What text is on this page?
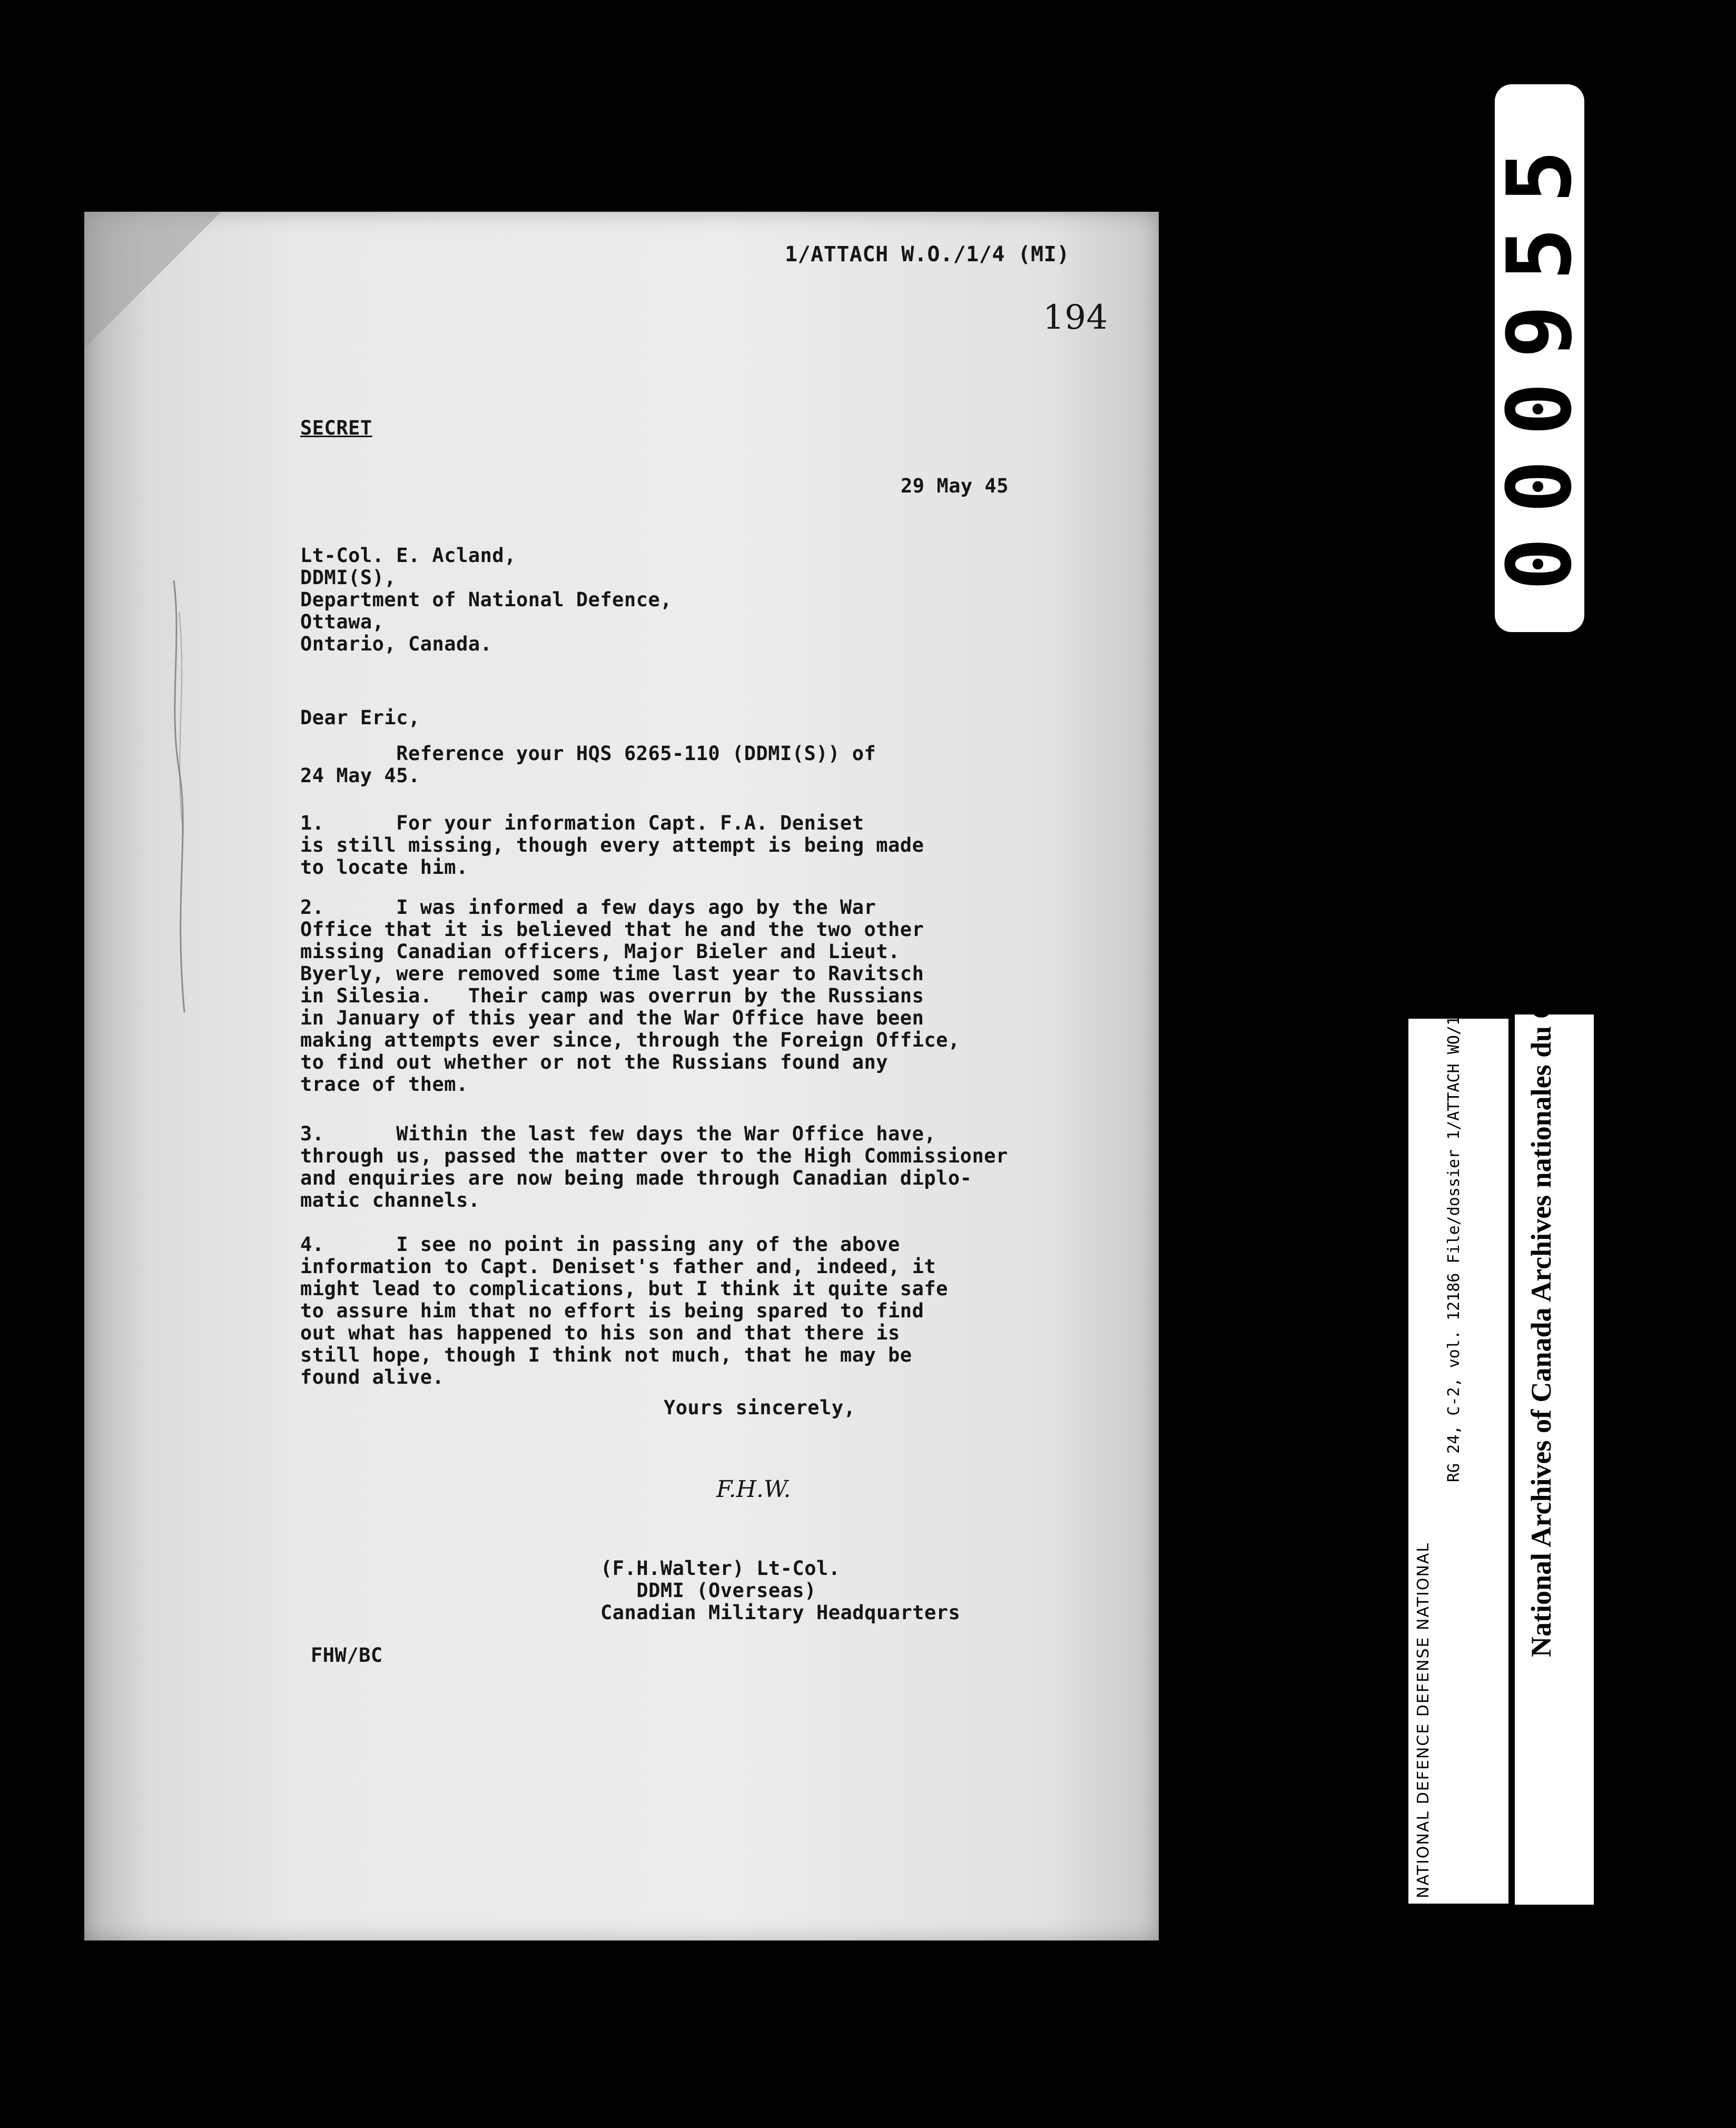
1/ATTACH W.O./1/4 (MI)
194
SECRET
29 May 45
Lt-Col. E. Acland,
DDMI(S),
Department of National Defence,
Ottawa,
Ontario, Canada.
Dear Eric,
Reference your HQS 6265-110 (DDMI(S)) of
24 May 45.
1.      For your information Capt. F.A. Deniset
is still missing, though every attempt is being made
to locate him.
2.      I was informed a few days ago by the War
Office that it is believed that he and the two other
missing Canadian officers, Major Bieler and Lieut.
Byerly, were removed some time last year to Ravitsch
in Silesia.   Their camp was overrun by the Russians
in January of this year and the War Office have been
making attempts ever since, through the Foreign Office,
to find out whether or not the Russians found any
trace of them.
3.      Within the last few days the War Office have,
through us, passed the matter over to the High Commissioner
and enquiries are now being made through Canadian diplo-
matic channels.
4.      I see no point in passing any of the above
information to Capt. Deniset's father and, indeed, it
might lead to complications, but I think it quite safe
to assure him that no effort is being spared to find
out what has happened to his son and that there is
still hope, though I think not much, that he may be
found alive.
Yours sincerely,
F.H.W.
(F.H.Walter) Lt-Col.
DDMI (Overseas)
Canadian Military Headquarters
FHW/BC
000955
NATIONAL DEFENCE DEFENSE NATIONAL
RG 24, C-2, vol. 12186 File/dossier 1/ATTACH WO/1/4 National Archives of Canada Archives nationales du Canada
